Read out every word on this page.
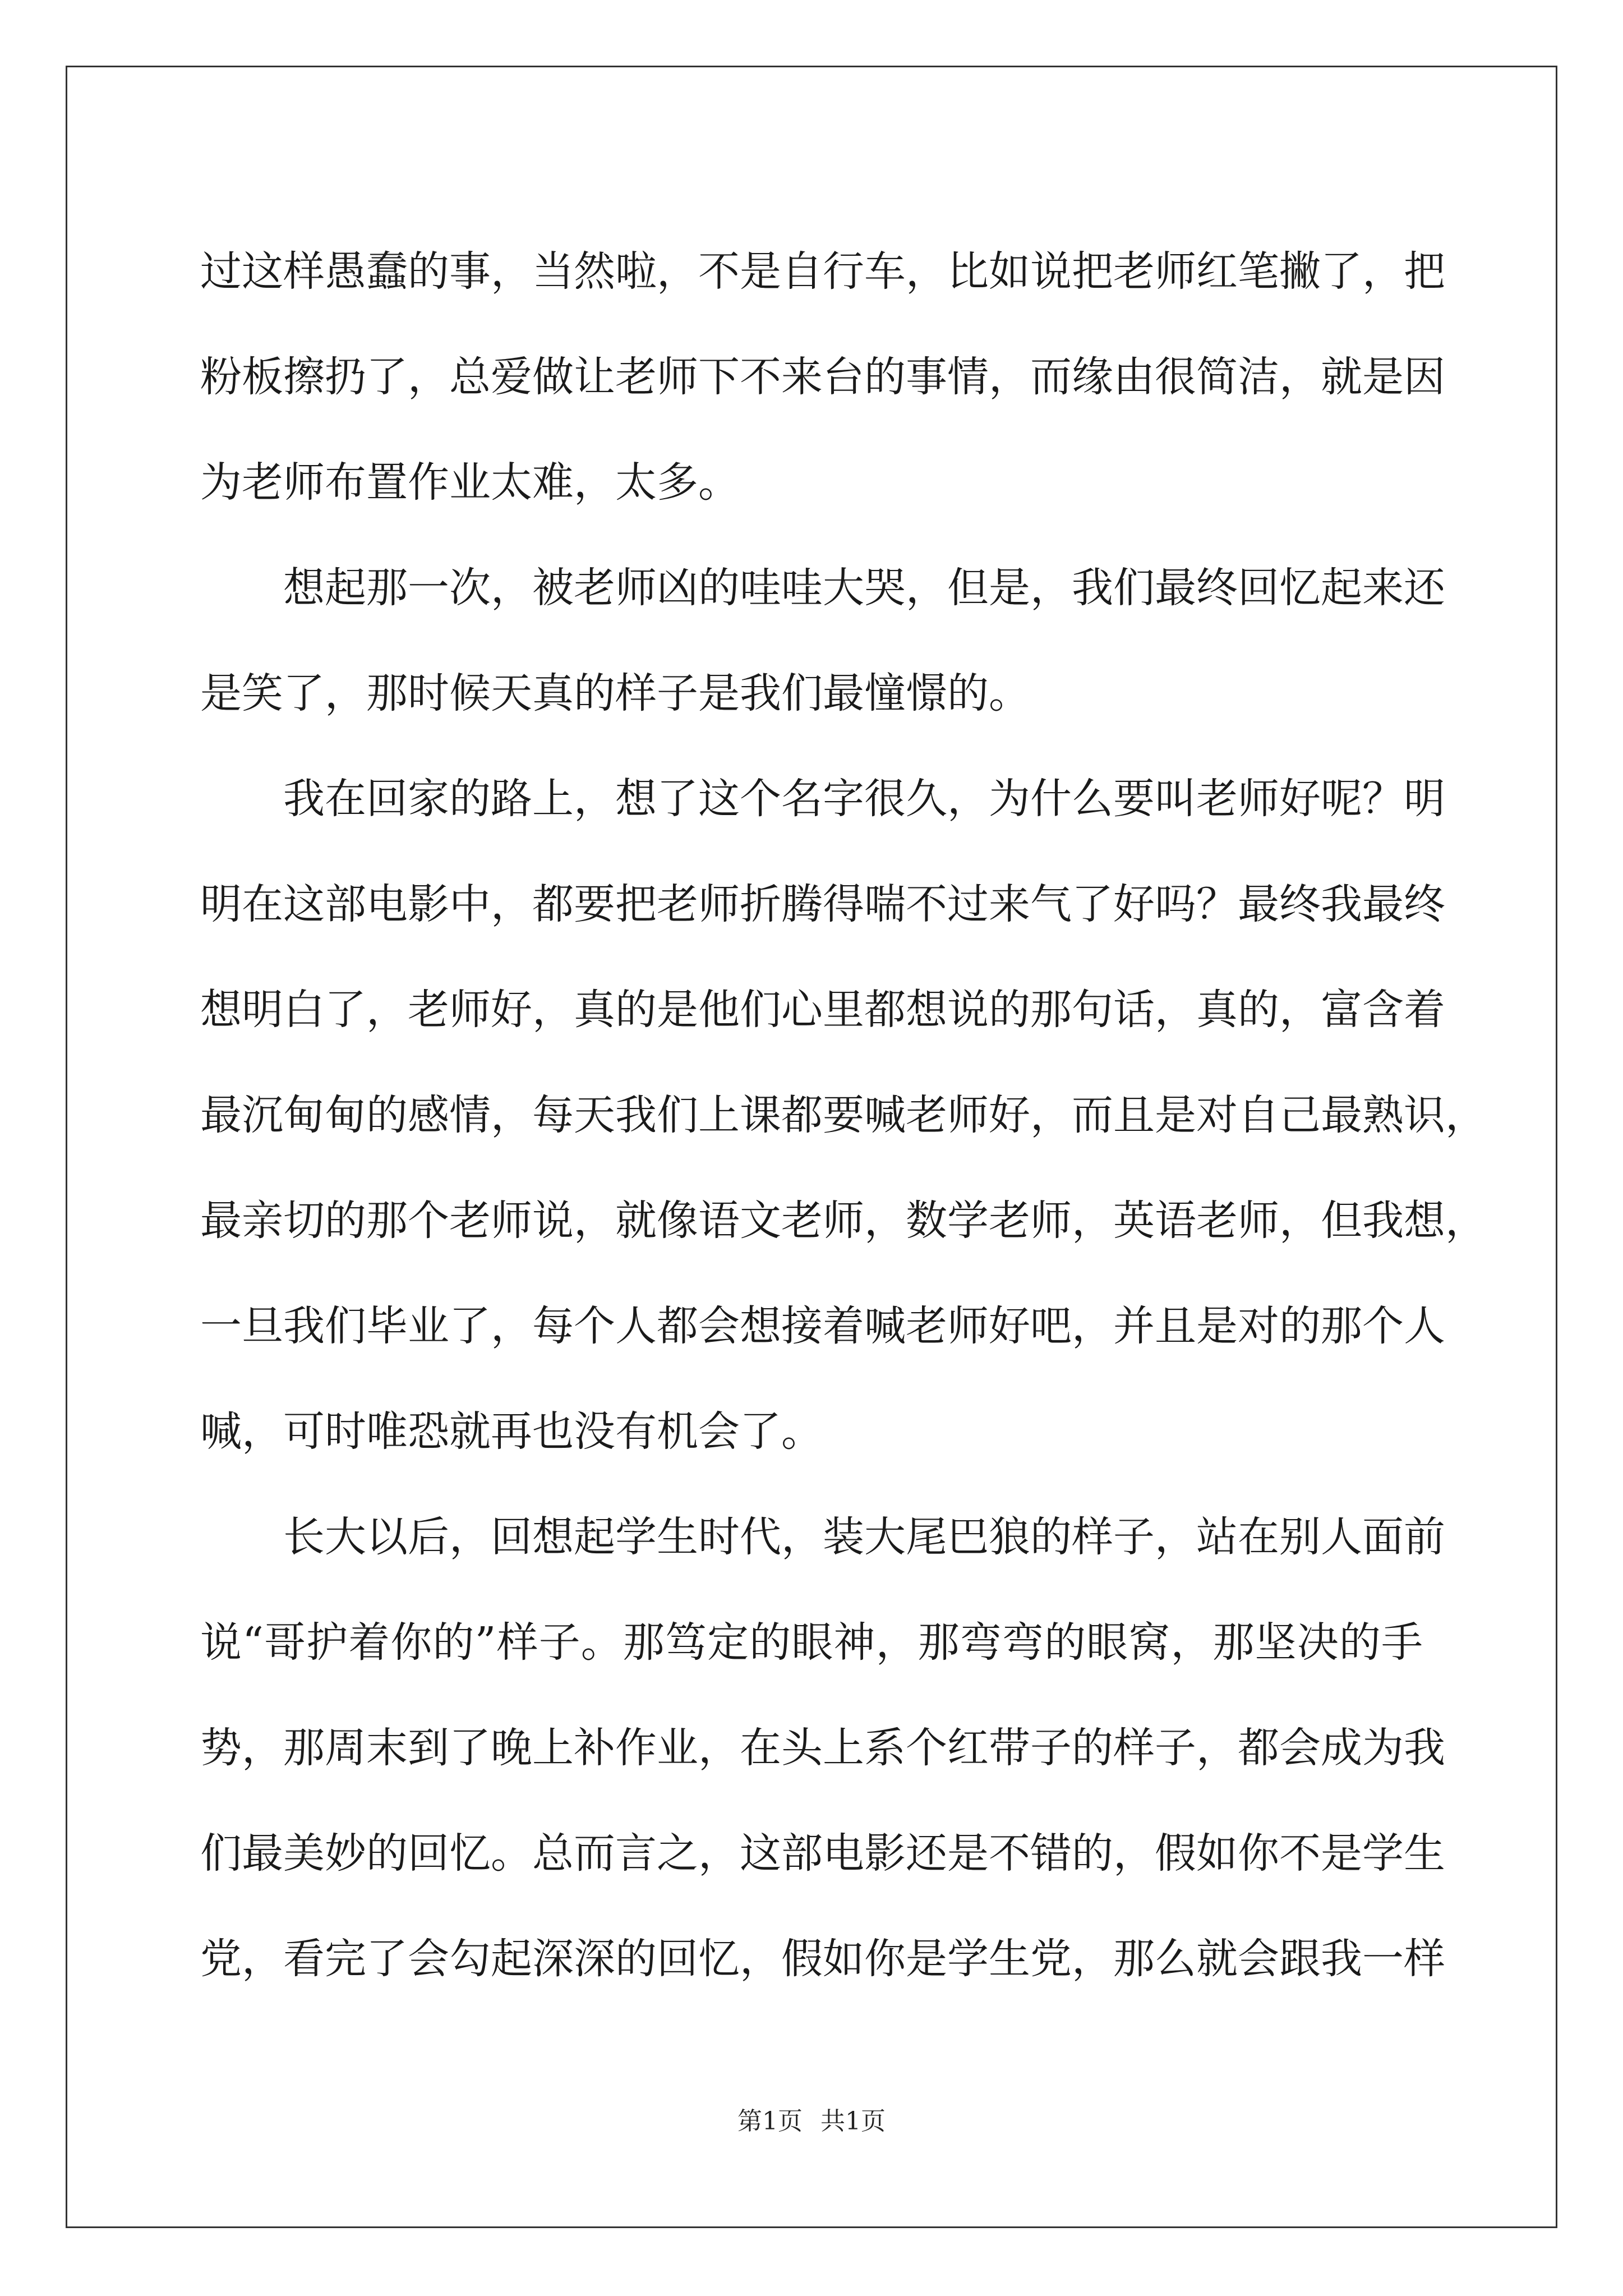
过这样愚蠢的事，当然啦，不是自行车，比如说把老师红笔撇了，把
粉板擦扔了，总爱做让老师下不来台的事情，而缘由很简洁，就是因
为老师布置作业太难，太多。
想起那一次，被老师凶的哇哇大哭，但是，我们最终回忆起来还
是笑了，那时候天真的样子是我们最憧憬的。
我在回家的路上，想了这个名字很久，为什么要叫老师好呢？明
明在这部电影中，都要把老师折腾得喘不过来气了好吗？最终我最终
想明白了，老师好，真的是他们心里都想说的那句话，真的，富含着
最沉甸甸的感情，每天我们上课都要喊老师好，而且是对自己最熟识，
最亲切的那个老师说，就像语文老师，数学老师，英语老师，但我想，
一旦我们毕业了，每个人都会想接着喊老师好吧，并且是对的那个人
喊，可时唯恐就再也没有机会了。
长大以后，回想起学生时代，装大尾巴狼的样子，站在别人面前
说“哥护着你的”样子。那笃定的眼神，那弯弯的眼窝，那坚决的手
势，那周末到了晚上补作业，在头上系个红带子的样子，都会成为我
们最美妙的回忆。总而言之，这部电影还是不错的，假如你不是学生
党，看完了会勾起深深的回忆，假如你是学生党，那么就会跟我一样
第1页 共1页
